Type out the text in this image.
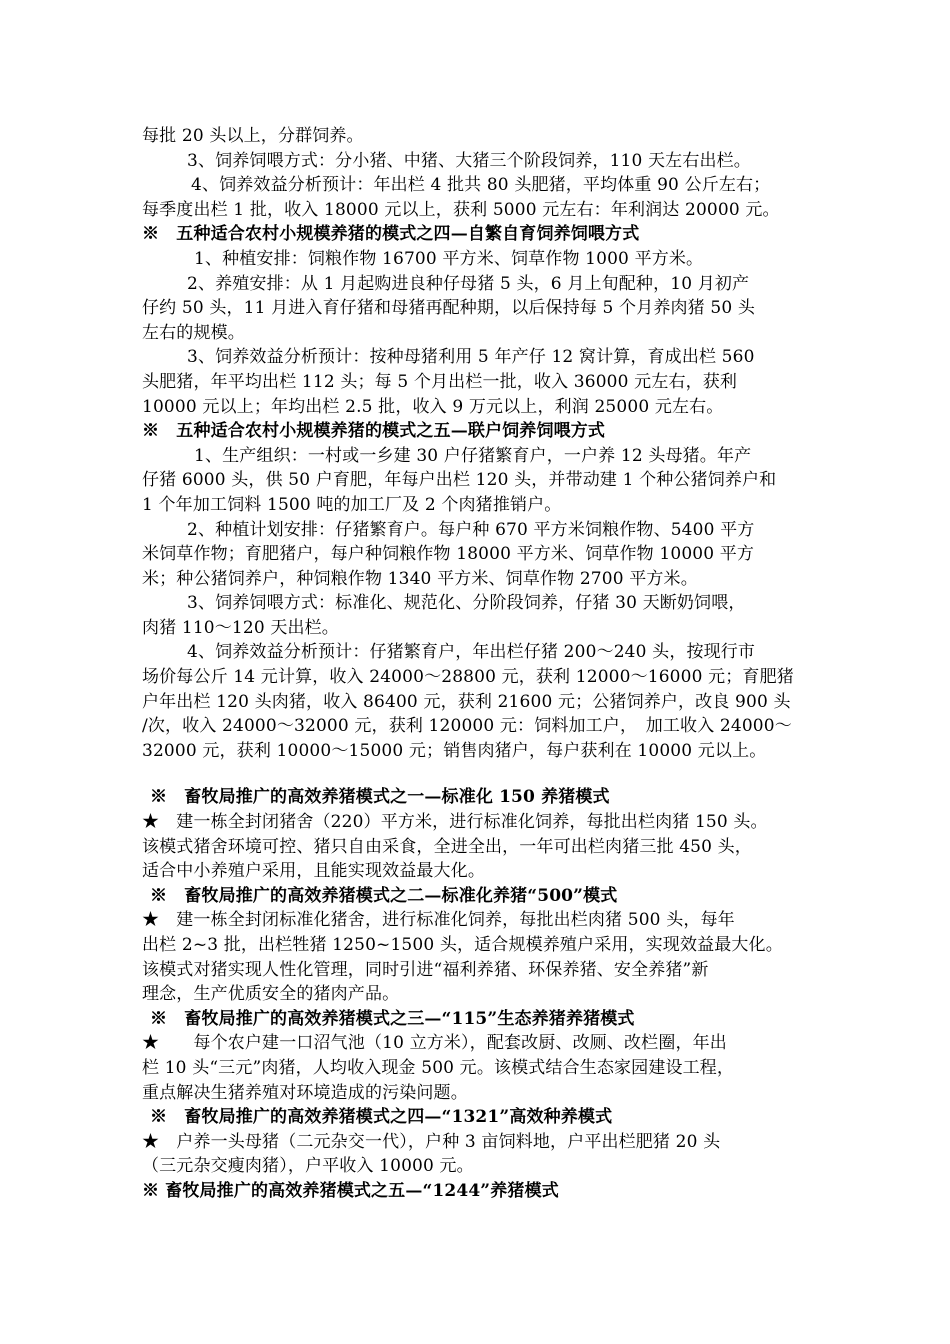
每批 20 头以上，分群饲养。
3、饲养饲喂方式：分小猪、中猪、大猪三个阶段饲养，110 天左右出栏。
4、饲养效益分析预计：年出栏 4 批共 80 头肥猪，平均体重 90 公斤左右；
每季度出栏 1 批，收入 18000 元以上，获利 5000 元左右：年利润达 20000 元。
※　五种适合农村小规模养猪的模式之四—自繁自育饲养饲喂方式
1、种植安排：饲粮作物 16700 平方米、饲草作物 1000 平方米。
2、养殖安排：从 1 月起购进良种仔母猪 5 头，6 月上旬配种，10 月初产
仔约 50 头，11 月进入育仔猪和母猪再配种期，以后保持每 5 个月养肉猪 50 头
左右的规模。
3、饲养效益分析预计：按种母猪利用 5 年产仔 12 窝计算，育成出栏 560
头肥猪，年平均出栏 112 头；每 5 个月出栏一批，收入 36000 元左右，获利
10000 元以上；年均出栏 2.5 批，收入 9 万元以上，利润 25000 元左右。
※　五种适合农村小规模养猪的模式之五—联户饲养饲喂方式
1、生产组织：一村或一乡建 30 户仔猪繁育户，一户养 12 头母猪。年产
仔猪 6000 头，供 50 户育肥，年每户出栏 120 头，并带动建 1 个种公猪饲养户和
1 个年加工饲料 1500 吨的加工厂及 2 个肉猪推销户。
2、种植计划安排：仔猪繁育户。每户种 670 平方米饲粮作物、5400 平方
米饲草作物；育肥猪户，每户种饲粮作物 18000 平方米、饲草作物 10000 平方
米；种公猪饲养户，种饲粮作物 1340 平方米、饲草作物 2700 平方米。
3、饲养饲喂方式：标准化、规范化、分阶段饲养，仔猪 30 天断奶饲喂，
肉猪 110～120 天出栏。
4、饲养效益分析预计：仔猪繁育户，年出栏仔猪 200～240 头，按现行市
场价每公斤 14 元计算，收入 24000～28800 元，获利 12000～16000 元；育肥猪
户年出栏 120 头肉猪，收入 86400 元，获利 21600 元；公猪饲养户，改良 900 头
/次，收入 24000～32000 元，获利 120000 元：饲料加工户，　加工收入 24000～
32000 元，获利 10000～15000 元；销售肉猪户，每户获利在 10000 元以上。
※　畜牧局推广的高效养猪模式之一—标准化 150 养猪模式
★　建一栋全封闭猪舍（220）平方米，进行标准化饲养，每批出栏肉猪 150 头。
该模式猪舍环境可控、猪只自由采食，全进全出，一年可出栏肉猪三批 450 头，
适合中小养殖户采用，且能实现效益最大化。
※　畜牧局推广的高效养猪模式之二—标准化养猪“500”模式
★　建一栋全封闭标准化猪舍，进行标准化饲养，每批出栏肉猪 500 头，每年
出栏 2~3 批，出栏牲猪 1250~1500 头，适合规模养殖户采用，实现效益最大化。
该模式对猪实现人性化管理，同时引进“福利养猪、环保养猪、安全养猪”新
理念，生产优质安全的猪肉产品。
※　畜牧局推广的高效养猪模式之三—“115”生态养猪养猪模式
★　　每个农户建一口沼气池（10 立方米），配套改厨、改厕、改栏圈，年出
栏 10 头“三元”肉猪，人均收入现金 500 元。该模式结合生态家园建设工程，
重点解决生猪养殖对环境造成的污染问题。
※　畜牧局推广的高效养猪模式之四—“1321”高效种养模式
★　户养一头母猪（二元杂交一代），户种 3 亩饲料地，户平出栏肥猪 20 头
（三元杂交瘦肉猪），户平收入 10000 元。
※ 畜牧局推广的高效养猪模式之五—“1244”养猪模式
